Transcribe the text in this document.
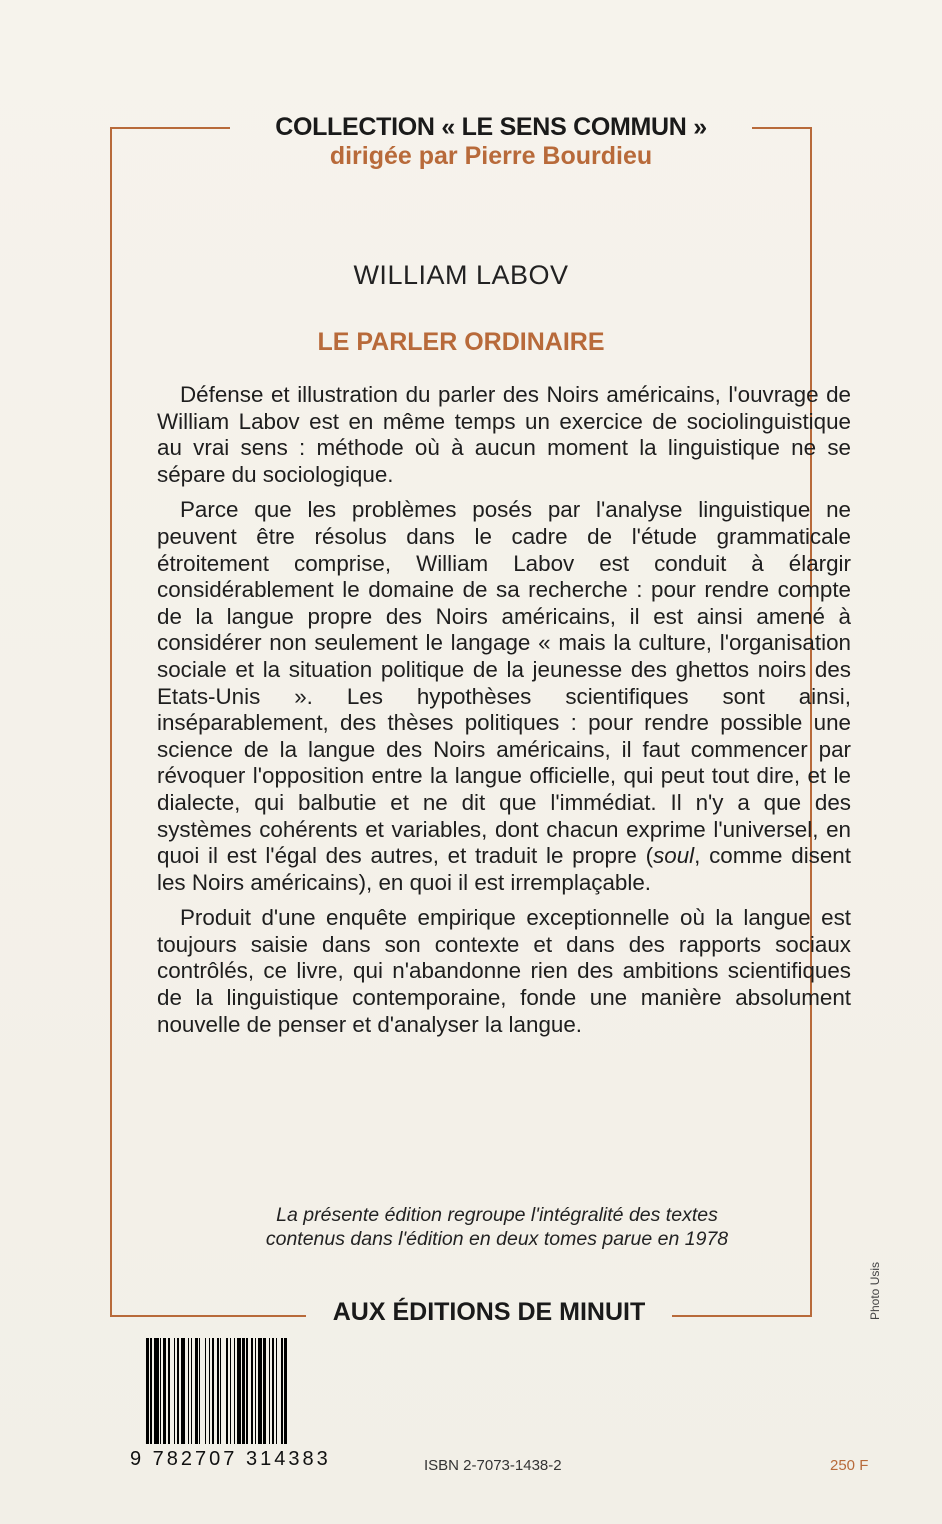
COLLECTION « LE SENS COMMUN »
dirigée par Pierre Bourdieu
WILLIAM LABOV
LE PARLER ORDINAIRE

Défense et illustration du parler des Noirs américains, l'ouvrage de William Labov est en même temps un exercice de sociolinguistique au vrai sens : méthode où à aucun moment la linguistique ne se sépare du sociologique.

Parce que les problèmes posés par l'analyse linguistique ne peuvent être résolus dans le cadre de l'étude grammaticale étroitement comprise, William Labov est conduit à élargir considérablement le domaine de sa recherche : pour rendre compte de la langue propre des Noirs américains, il est ainsi amené à considérer non seulement le langage « mais la culture, l'organisation sociale et la situation politique de la jeunesse des ghettos noirs des Etats-Unis ». Les hypothèses scientifiques sont ainsi, inséparablement, des thèses politiques : pour rendre possible une science de la langue des Noirs américains, il faut commencer par révoquer l'opposition entre la langue officielle, qui peut tout dire, et le dialecte, qui balbutie et ne dit que l'immédiat. Il n'y a que des systèmes cohérents et variables, dont chacun exprime l'universel, en quoi il est l'égal des autres, et traduit le propre (soul, comme disent les Noirs américains), en quoi il est irremplaçable.

Produit d'une enquête empirique exceptionnelle où la langue est toujours saisie dans son contexte et dans des rapports sociaux contrôlés, ce livre, qui n'abandonne rien des ambitions scientifiques de la linguistique contemporaine, fonde une manière absolument nouvelle de penser et d'analyser la langue.

La présente édition regroupe l'intégralité des textes
contenus dans l'édition en deux tomes parue en 1978
AUX ÉDITIONS DE MINUIT	Photo Usis
9 782707 314383	ISBN 2-7073-1438-2	250 F
